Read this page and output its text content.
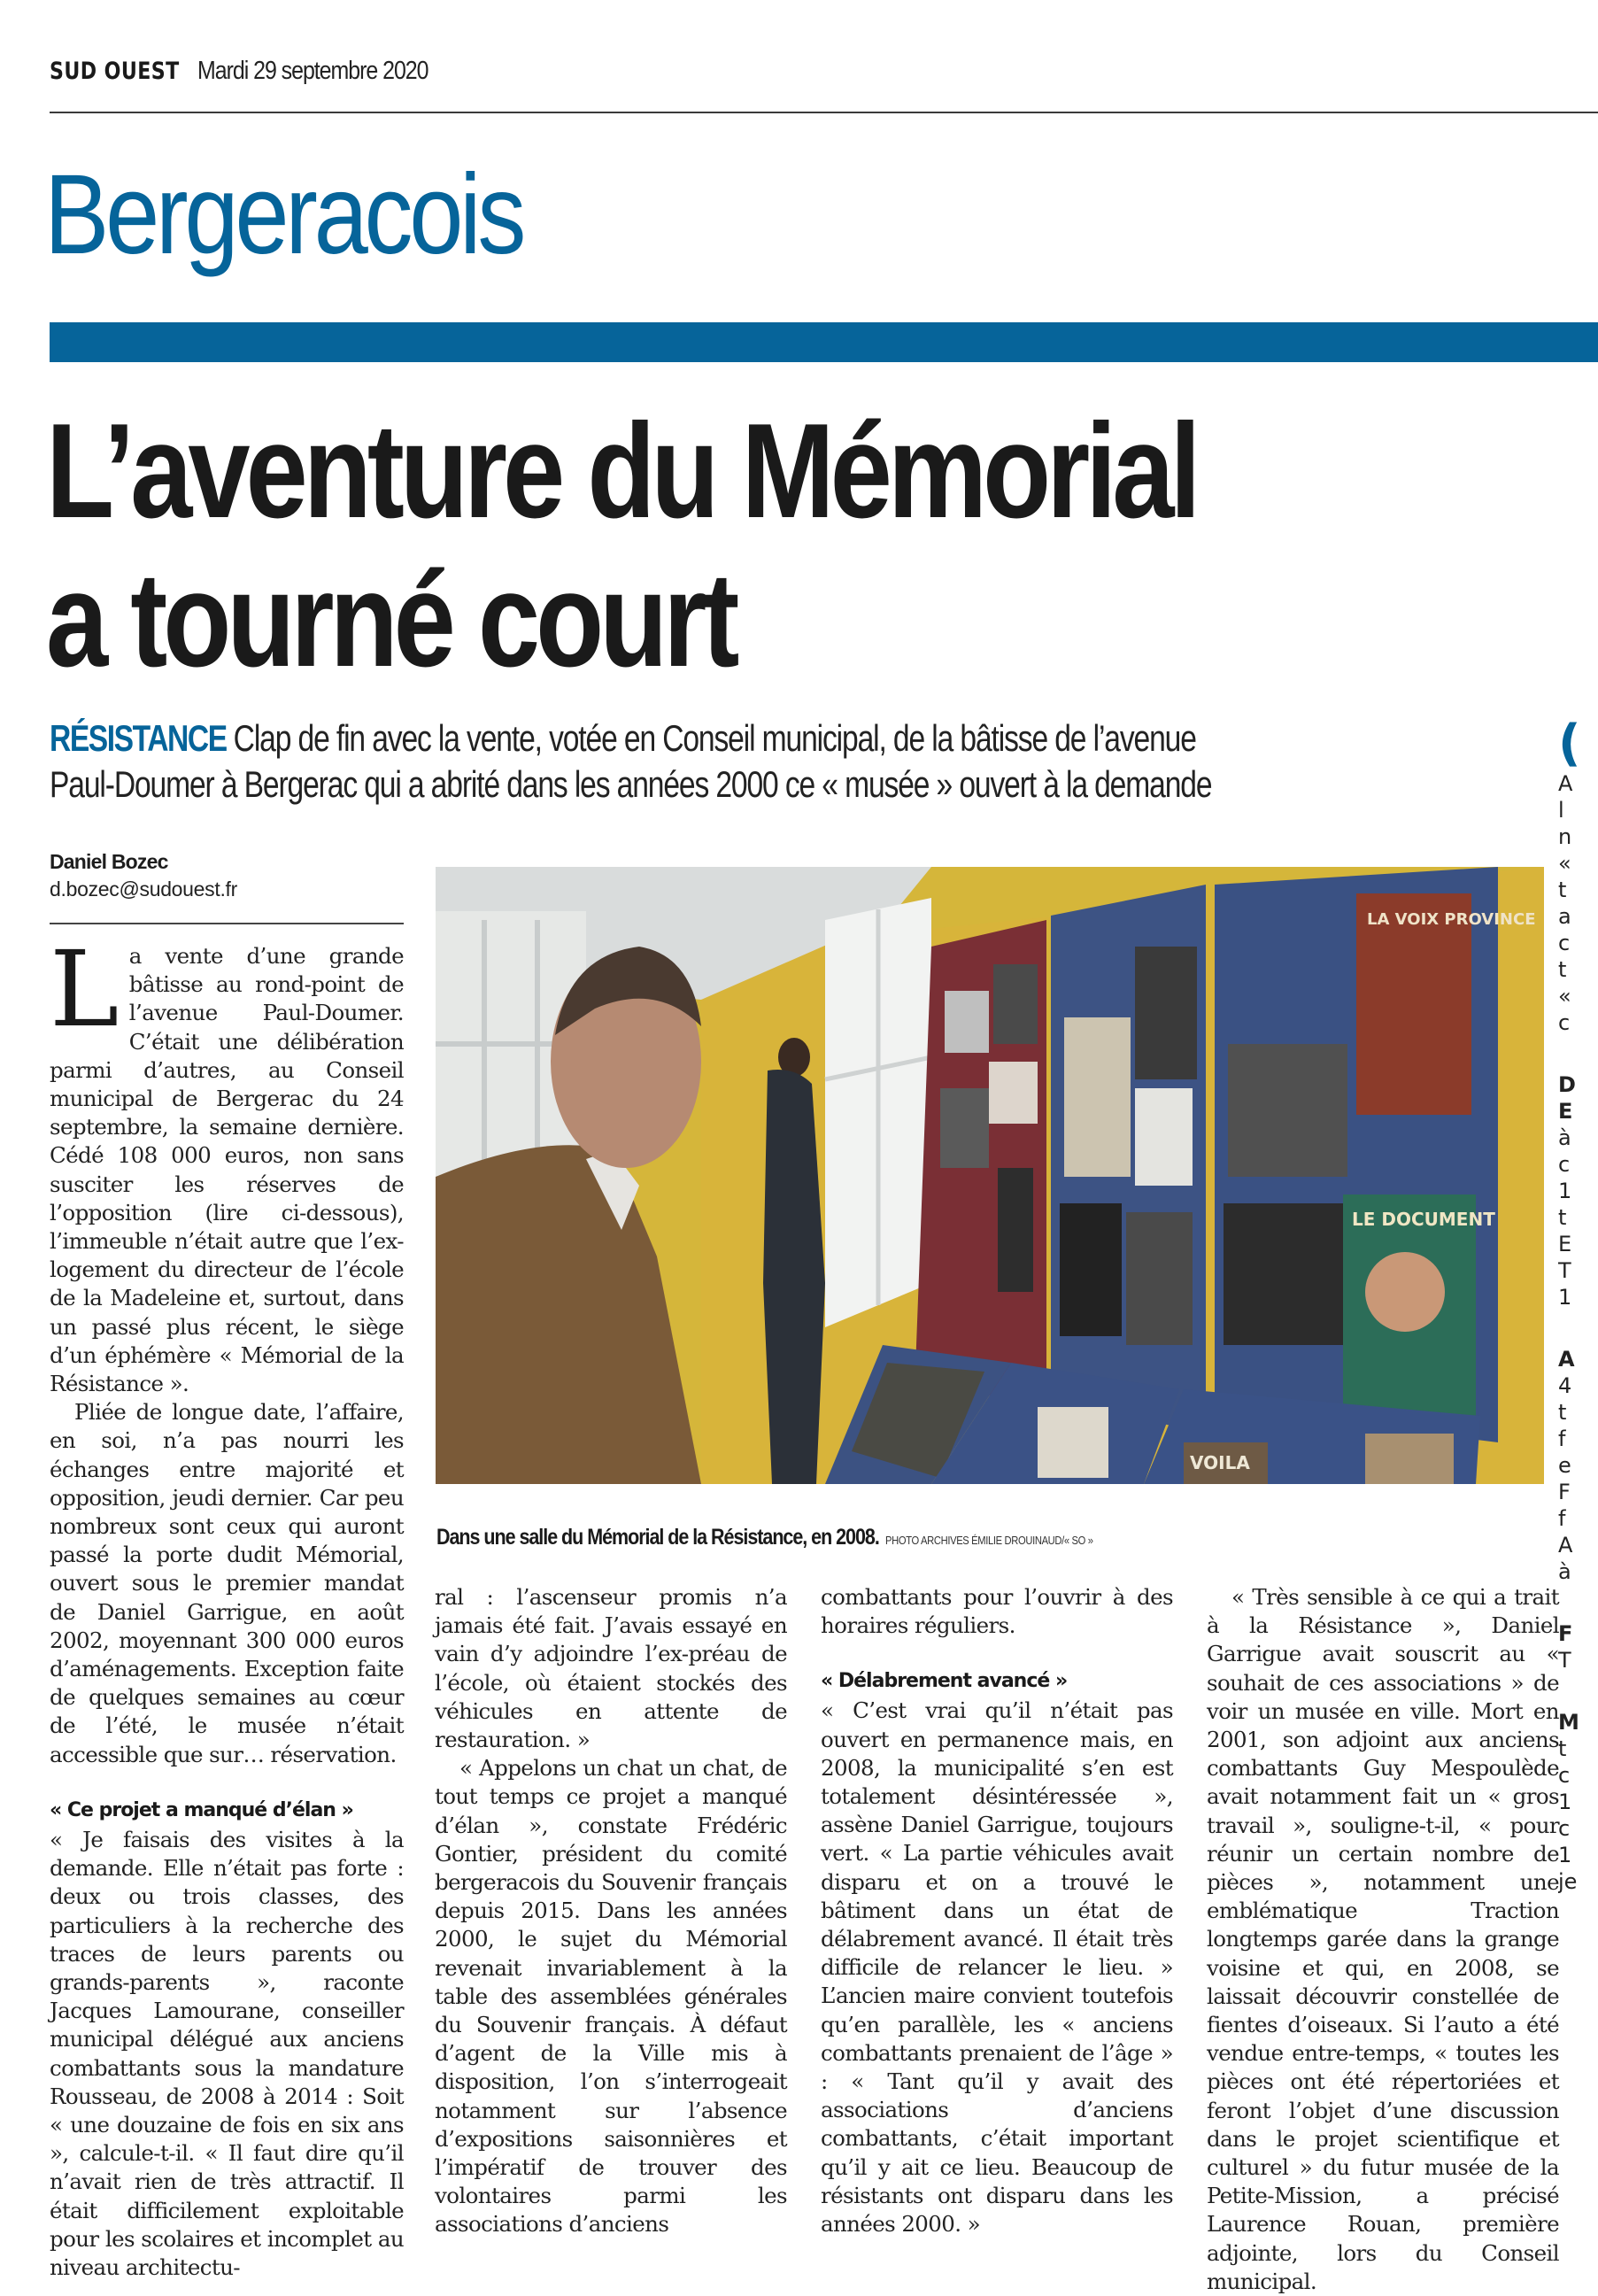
SUD OUEST Mardi 29 septembre 2020
Bergeracois
L’aventure du Mémorial
a tourné court
RÉSISTANCE Clap de fin avec la vente, votée en Conseil municipal, de la bâtisse de l’avenue
Paul-Doumer à Bergerac qui a abrité dans les années 2000 ce « musée » ouvert à la demande
Daniel Bozec
d.bozec@sudouest.fr
L a vente d’une grande bâtisse au rond-point de l’avenue Paul-Doumer. C’était une délibération parmi d’autres, au Conseil municipal de Bergerac du 24 septembre, la semaine dernière. Cédé 108 000 euros, non sans susciter les réserves de l’opposition (lire ci-dessous), l’immeuble n’était autre que l’ex-logement du directeur de l’école de la Madeleine et, surtout, dans un passé plus récent, le siège d’un éphémère « Mémorial de la Résistance ».

Pliée de longue date, l’affaire, en soi, n’a pas nourri les échanges entre majorité et opposition, jeudi dernier. Car peu nombreux sont ceux qui auront passé la porte dudit Mémorial, ouvert sous le premier mandat de Daniel Garrigue, en août 2002, moyennant 300 000 euros d’aménagements. Exception faite de quelques semaines au cœur de l’été, le musée n’était accessible que sur… réservation.

« Ce projet a manqué d’élan »

« Je faisais des visites à la demande. Elle n’était pas forte : deux ou trois classes, des particuliers à la recherche des traces de leurs parents ou grands-parents », raconte Jacques Lamourane, conseiller municipal délégué aux anciens combattants sous la mandature Rousseau, de 2008 à 2014 : Soit « une douzaine de fois en six ans », calcule-t-il. « Il faut dire qu’il n’avait rien de très attractif. Il était difficilement exploitable pour les scolaires et incomplet au niveau architectu-

LA VOIX PROVINCE
LE DOCUMENT
VOILA
Dans une salle du Mémorial de la Résistance, en 2008. PHOTO ARCHIVES ÉMILIE DROUINAUD/« SO »

ral : l’ascenseur promis n’a jamais été fait. J’avais essayé en vain d’y adjoindre l’ex-préau de l’école, où étaient stockés des véhicules en attente de restauration. »

« Appelons un chat un chat, de tout temps ce projet a manqué d’élan », constate Frédéric Gontier, président du comité bergeracois du Souvenir français depuis 2015. Dans les années 2000, le sujet du Mémorial revenait invariablement à la table des assemblées générales du Souvenir français. À défaut d’agent de la Ville mis à disposition, l’on s’interrogeait notamment sur l’absence d’expositions saisonnières et l’impératif de trouver des volontaires parmi les associations d’anciens

combattants pour l’ouvrir à des horaires réguliers.

« Délabrement avancé »

« C’est vrai qu’il n’était pas ouvert en permanence mais, en 2008, la municipalité s’en est totalement désintéressée », assène Daniel Garrigue, toujours vert. « La partie véhicules avait disparu et on a trouvé le bâtiment dans un état de délabrement avancé. Il était très difficile de relancer le lieu. » L’ancien maire convient toutefois qu’en parallèle, les « anciens combattants prenaient de l’âge » : « Tant qu’il y avait des associations d’anciens combattants, c’était important qu’il y ait ce lieu. Beaucoup de résistants ont disparu dans les années 2000. »

« Très sensible à ce qui a trait à la Résistance », Daniel Garrigue avait souscrit au « souhait de ces associations » de voir un musée en ville. Mort en 2001, son adjoint aux anciens combattants Guy Mespoulède avait notamment fait un « gros travail », souligne-t-il, « pour réunir un certain nombre de pièces », notamment une emblématique Traction longtemps garée dans la grange voisine et qui, en 2008, se laissait découvrir constellée de fientes d’oiseaux. Si l’auto a été vendue entre-temps, « toutes les pièces ont été répertoriées et feront l’objet d’une discussion dans le projet scientifique et culturel » du futur musée de la Petite-Mission, a précisé Laurence Rouan, première adjointe, lors du Conseil municipal.

(
A
l
n
«
t
a
c
t
«
c
D
E
à
c
1
t
E
T
1
A
4
t
f
e
F
f
A
à
F
T
M
t
c
1
c
1
je
